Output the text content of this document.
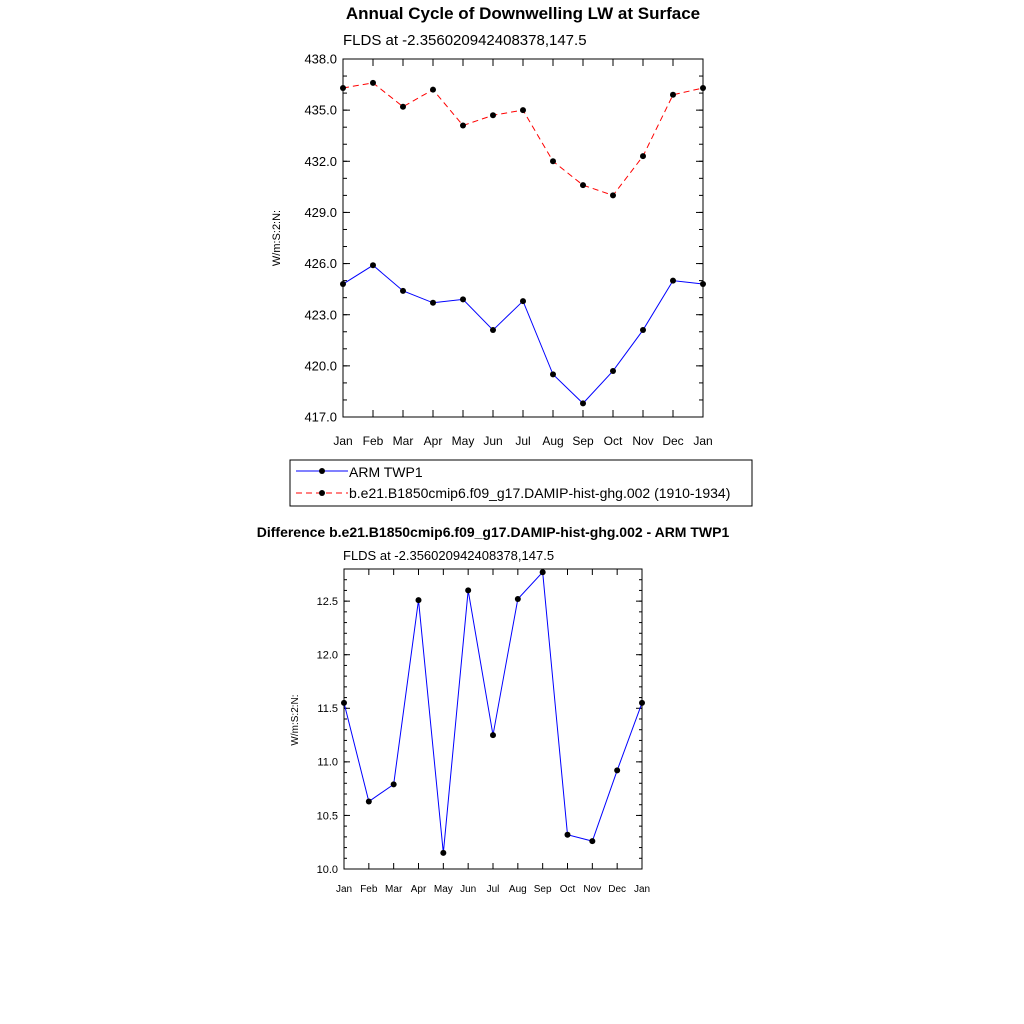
Annual Cycle of Downwelling LW at Surface
FLDS at -2.356020942408378,147.5
W/m:S:2:N:
Jan Feb Mar Apr May Jun Jul Aug Sep Oct Nov Dec Jan
417.0
420.0
423.0
426.0
429.0
432.0
435.0
438.0
ARM TWP1
b.e21.B1850cmip6.f09_g17.DAMIP-hist-ghg.002 (1910-1934)
Difference b.e21.B1850cmip6.f09_g17.DAMIP-hist-ghg.002 - ARM TWP1
FLDS at -2.356020942408378,147.5
W/m:S:2:N:
Jan Feb Mar Apr May Jun Jul Aug Sep Oct Nov Dec Jan
10.0
10.5
11.0
11.5
12.0
12.5
